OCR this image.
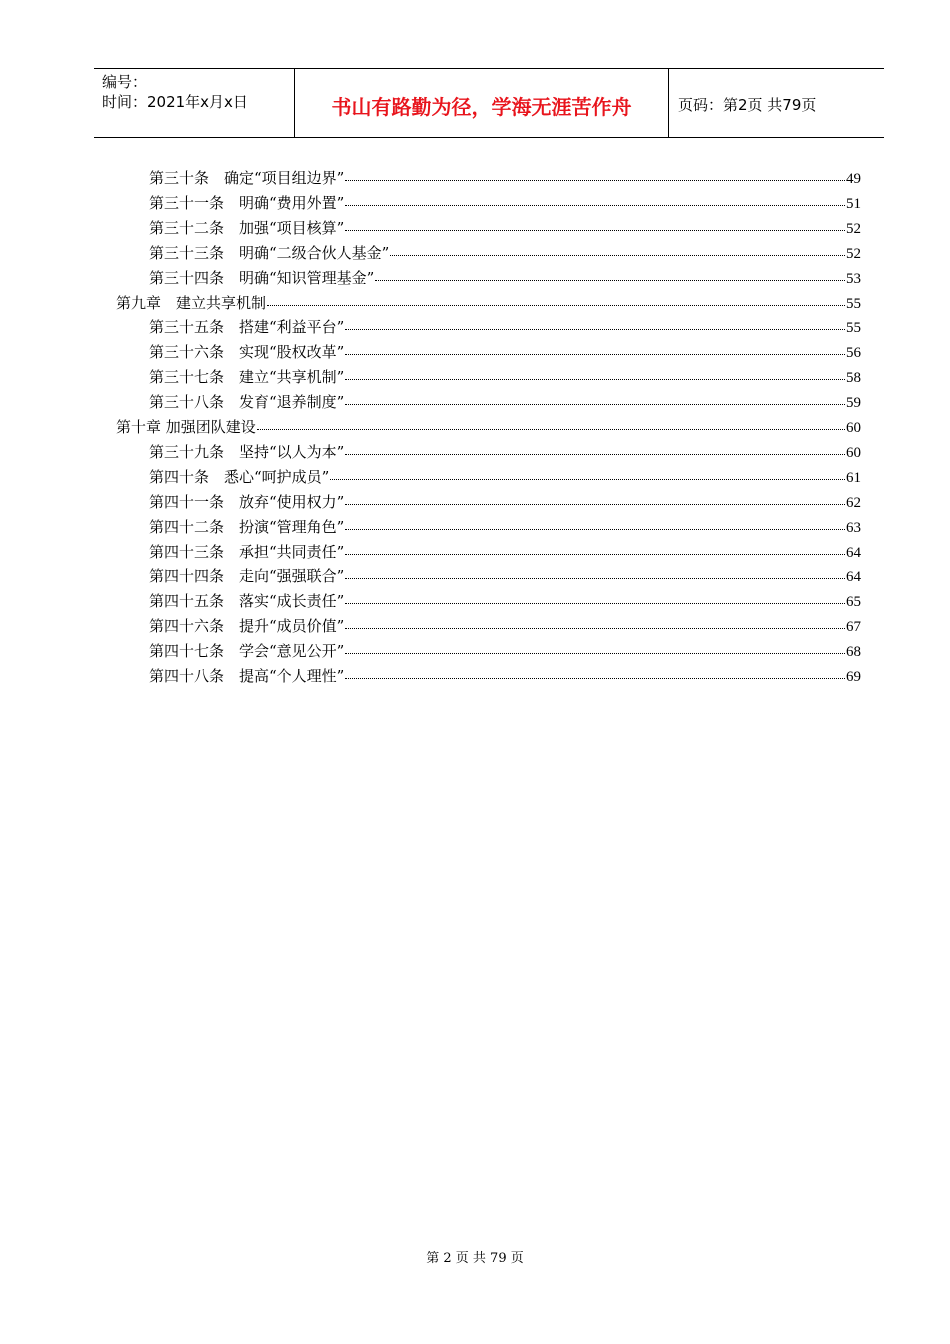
编号：
时间：2021年x月x日	书山有路勤为径，学海无涯苦作舟	页码：第2页 共79页
第三十条　确定“项目组边界”	49
第三十一条　明确“费用外置”	51
第三十二条　加强“项目核算”	52
第三十三条　明确“二级合伙人基金”	52
第三十四条　明确“知识管理基金”	53
第九章　建立共享机制	55
第三十五条　搭建“利益平台”	55
第三十六条　实现“股权改革”	56
第三十七条　建立“共享机制”	58
第三十八条　发育“退养制度”	59
第十章 加强团队建设	60
第三十九条　坚持“以人为本”	60
第四十条　悉心“呵护成员”	61
第四十一条　放弃“使用权力”	62
第四十二条　扮演“管理角色”	63
第四十三条　承担“共同责任”	64
第四十四条　走向“强强联合”	64
第四十五条　落实“成长责任”	65
第四十六条　提升“成员价值”	67
第四十七条　学会“意见公开”	68
第四十八条　提高“个人理性”	69
第 2 页 共 79 页
